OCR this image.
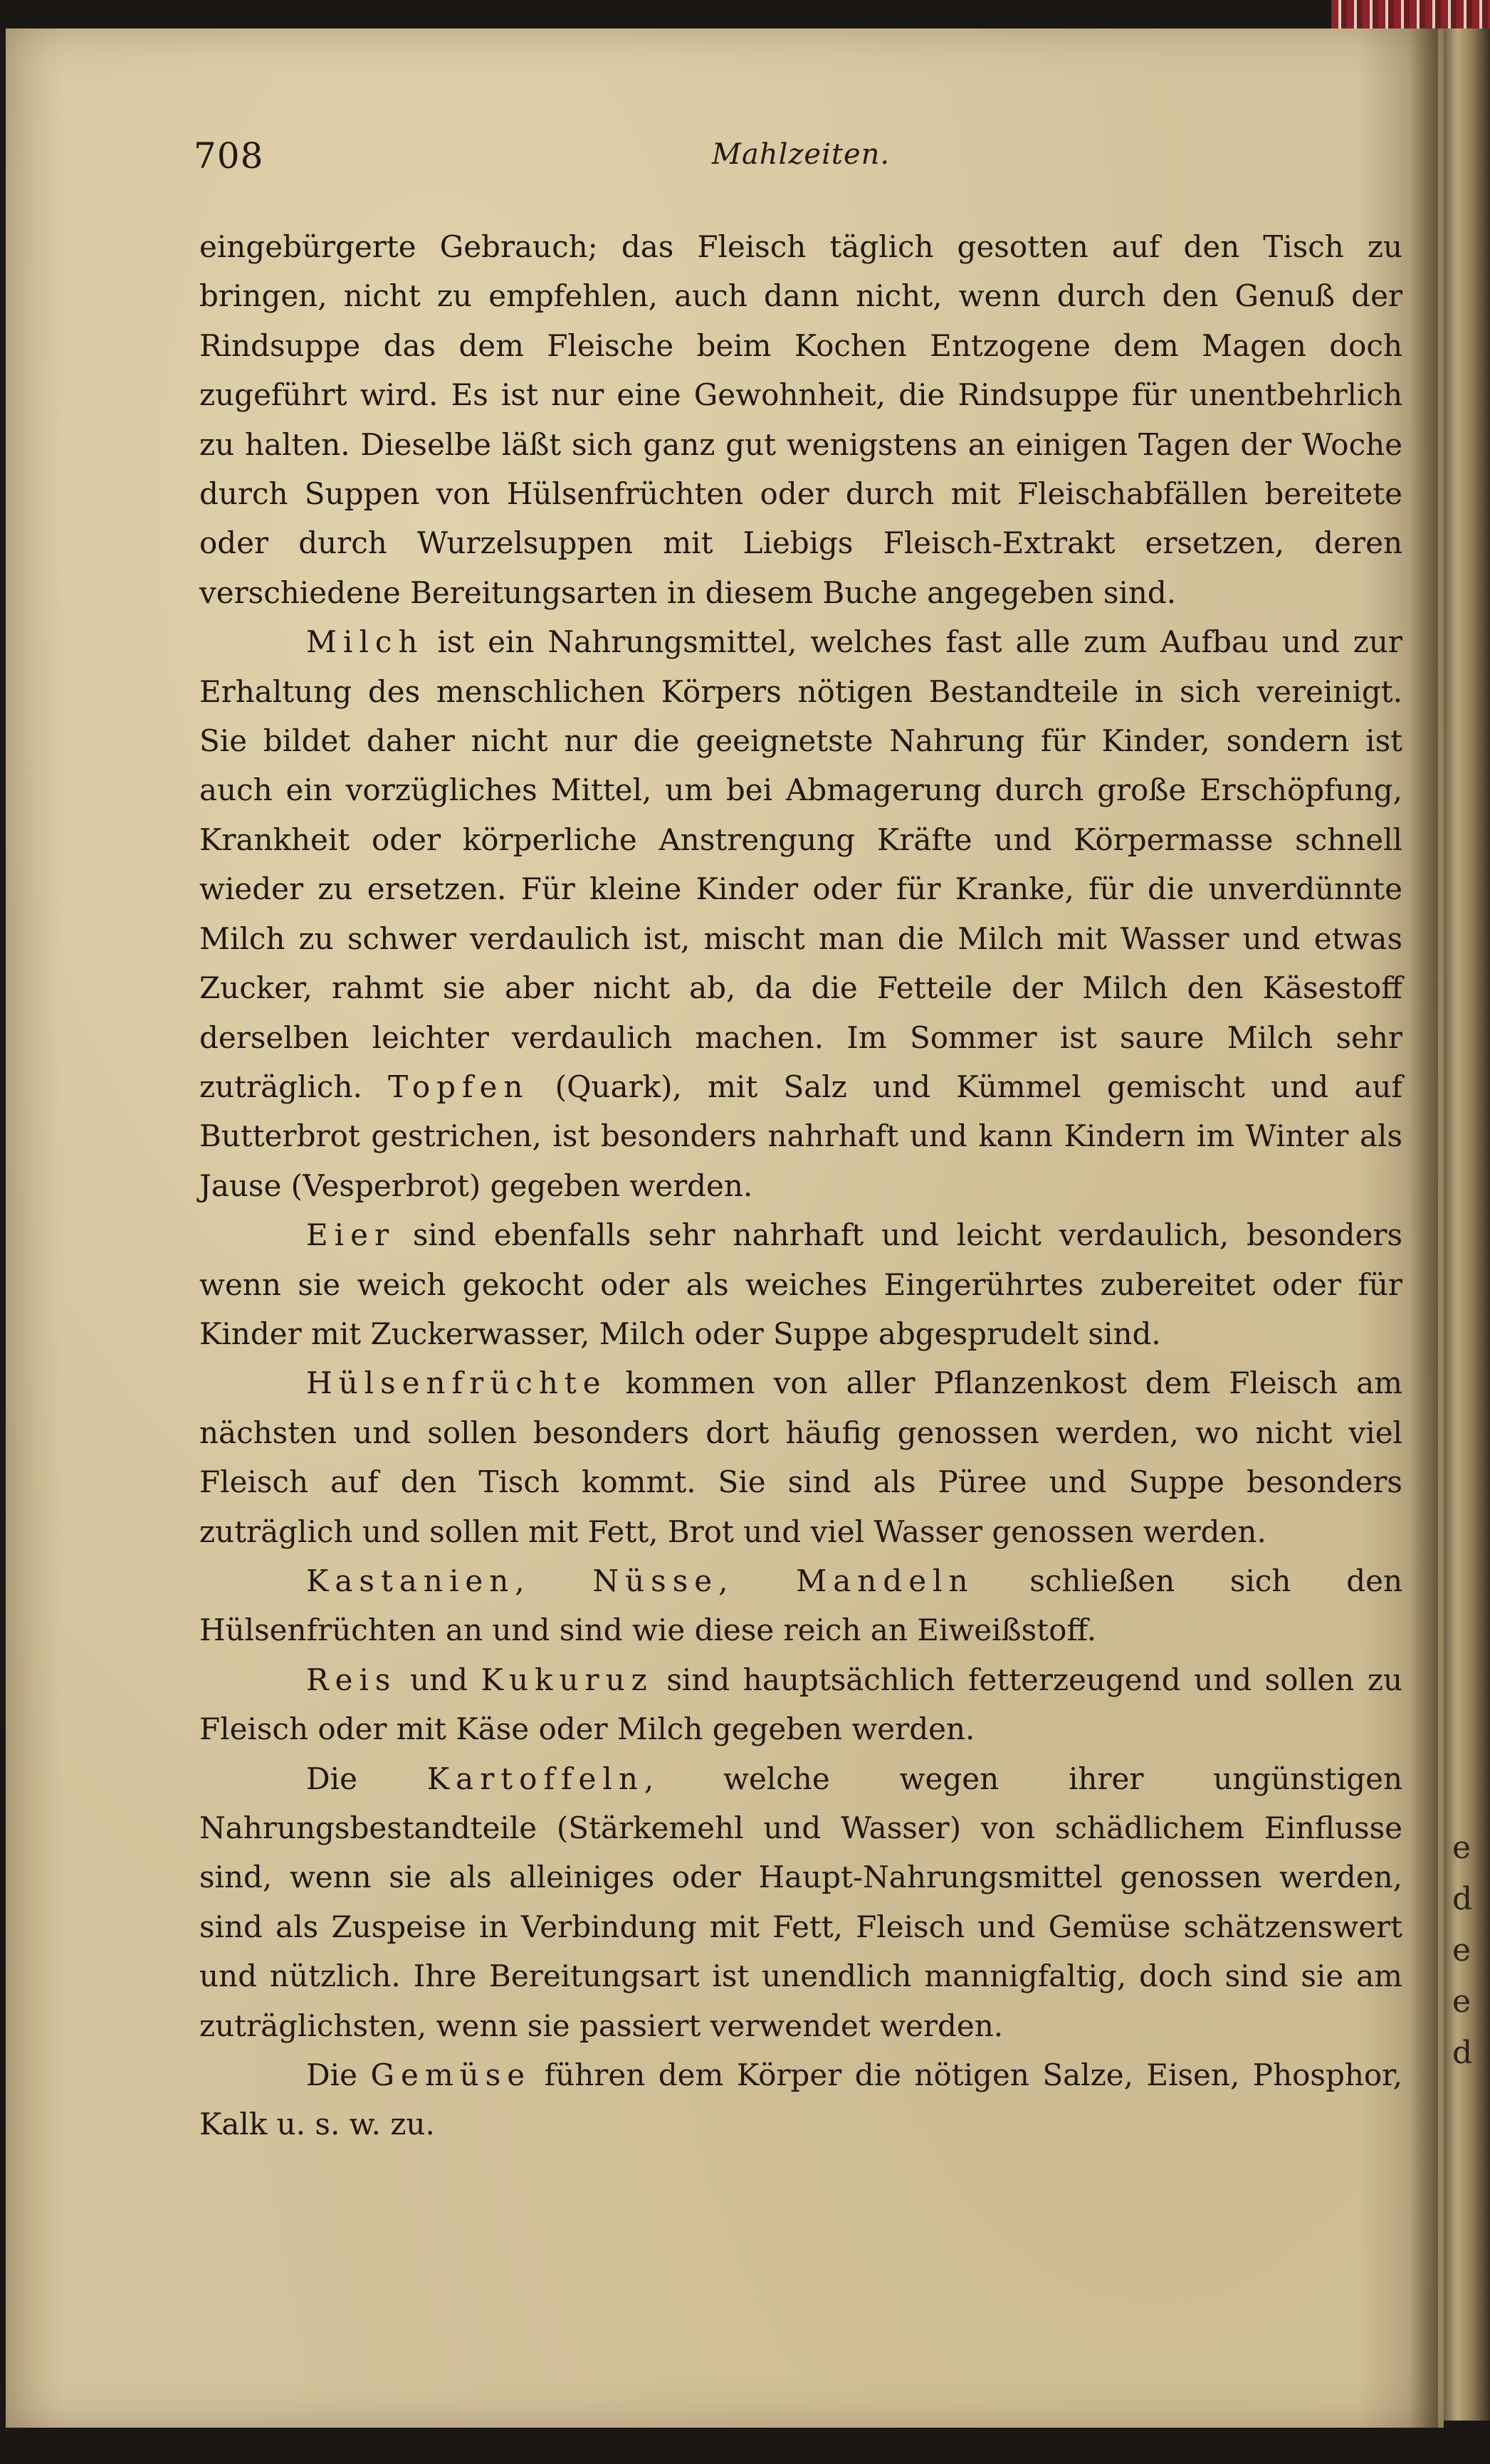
e
d
e
e
d
708	Mahlzeiten.

eingebürgerte Gebrauch; das Fleisch täglich gesotten auf den Tisch zu bringen, nicht zu empfehlen, auch dann nicht, wenn durch den Genuß der Rindsuppe das dem Fleische beim Kochen Entzogene dem Magen doch zugeführt wird. Es ist nur eine Gewohnheit, die Rindsuppe für unentbehrlich zu halten. Dieselbe läßt sich ganz gut wenigstens an einigen Tagen der Woche durch Suppen von Hülsenfrüchten oder durch mit Fleischabfällen bereitete oder durch Wurzelsuppen mit Liebigs Fleisch-Extrakt ersetzen, deren verschiedene Bereitungsarten in diesem Buche angegeben sind.

Milch ist ein Nahrungsmittel, welches fast alle zum Aufbau und zur Erhaltung des menschlichen Körpers nötigen Bestandteile in sich vereinigt. Sie bildet daher nicht nur die geeignetste Nahrung für Kinder, sondern ist auch ein vorzügliches Mittel, um bei Abmagerung durch große Erschöpfung, Krankheit oder körperliche Anstrengung Kräfte und Körpermasse schnell wieder zu ersetzen. Für kleine Kinder oder für Kranke, für die unverdünnte Milch zu schwer verdaulich ist, mischt man die Milch mit Wasser und etwas Zucker, rahmt sie aber nicht ab, da die Fetteile der Milch den Käsestoff derselben leichter verdaulich machen. Im Sommer ist saure Milch sehr zuträglich. Topfen (Quark), mit Salz und Kümmel gemischt und auf Butterbrot gestrichen, ist besonders nahrhaft und kann Kindern im Winter als Jause (Vesperbrot) gegeben werden.

Eier sind ebenfalls sehr nahrhaft und leicht verdaulich, besonders wenn sie weich gekocht oder als weiches Eingerührtes zubereitet oder für Kinder mit Zuckerwasser, Milch oder Suppe abgesprudelt sind.

Hülsenfrüchte kommen von aller Pflanzenkost dem Fleisch am nächsten und sollen besonders dort häufig genossen werden, wo nicht viel Fleisch auf den Tisch kommt. Sie sind als Püree und Suppe besonders zuträglich und sollen mit Fett, Brot und viel Wasser genossen werden.

Kastanien, Nüsse, Mandeln schließen sich den Hülsenfrüchten an und sind wie diese reich an Eiweißstoff.

Reis und Kukuruz sind hauptsächlich fetterzeugend und sollen zu Fleisch oder mit Käse oder Milch gegeben werden.

Die Kartoffeln, welche wegen ihrer ungünstigen Nahrungsbestandteile (Stärkemehl und Wasser) von schädlichem Einflusse sind, wenn sie als alleiniges oder Haupt-Nahrungsmittel genossen werden, sind als Zuspeise in Verbindung mit Fett, Fleisch und Gemüse schätzenswert und nützlich. Ihre Bereitungsart ist unendlich mannigfaltig, doch sind sie am zuträglichsten, wenn sie passiert verwendet werden.

Die Gemüse führen dem Körper die nötigen Salze, Eisen, Phosphor, Kalk u. s. w. zu.
